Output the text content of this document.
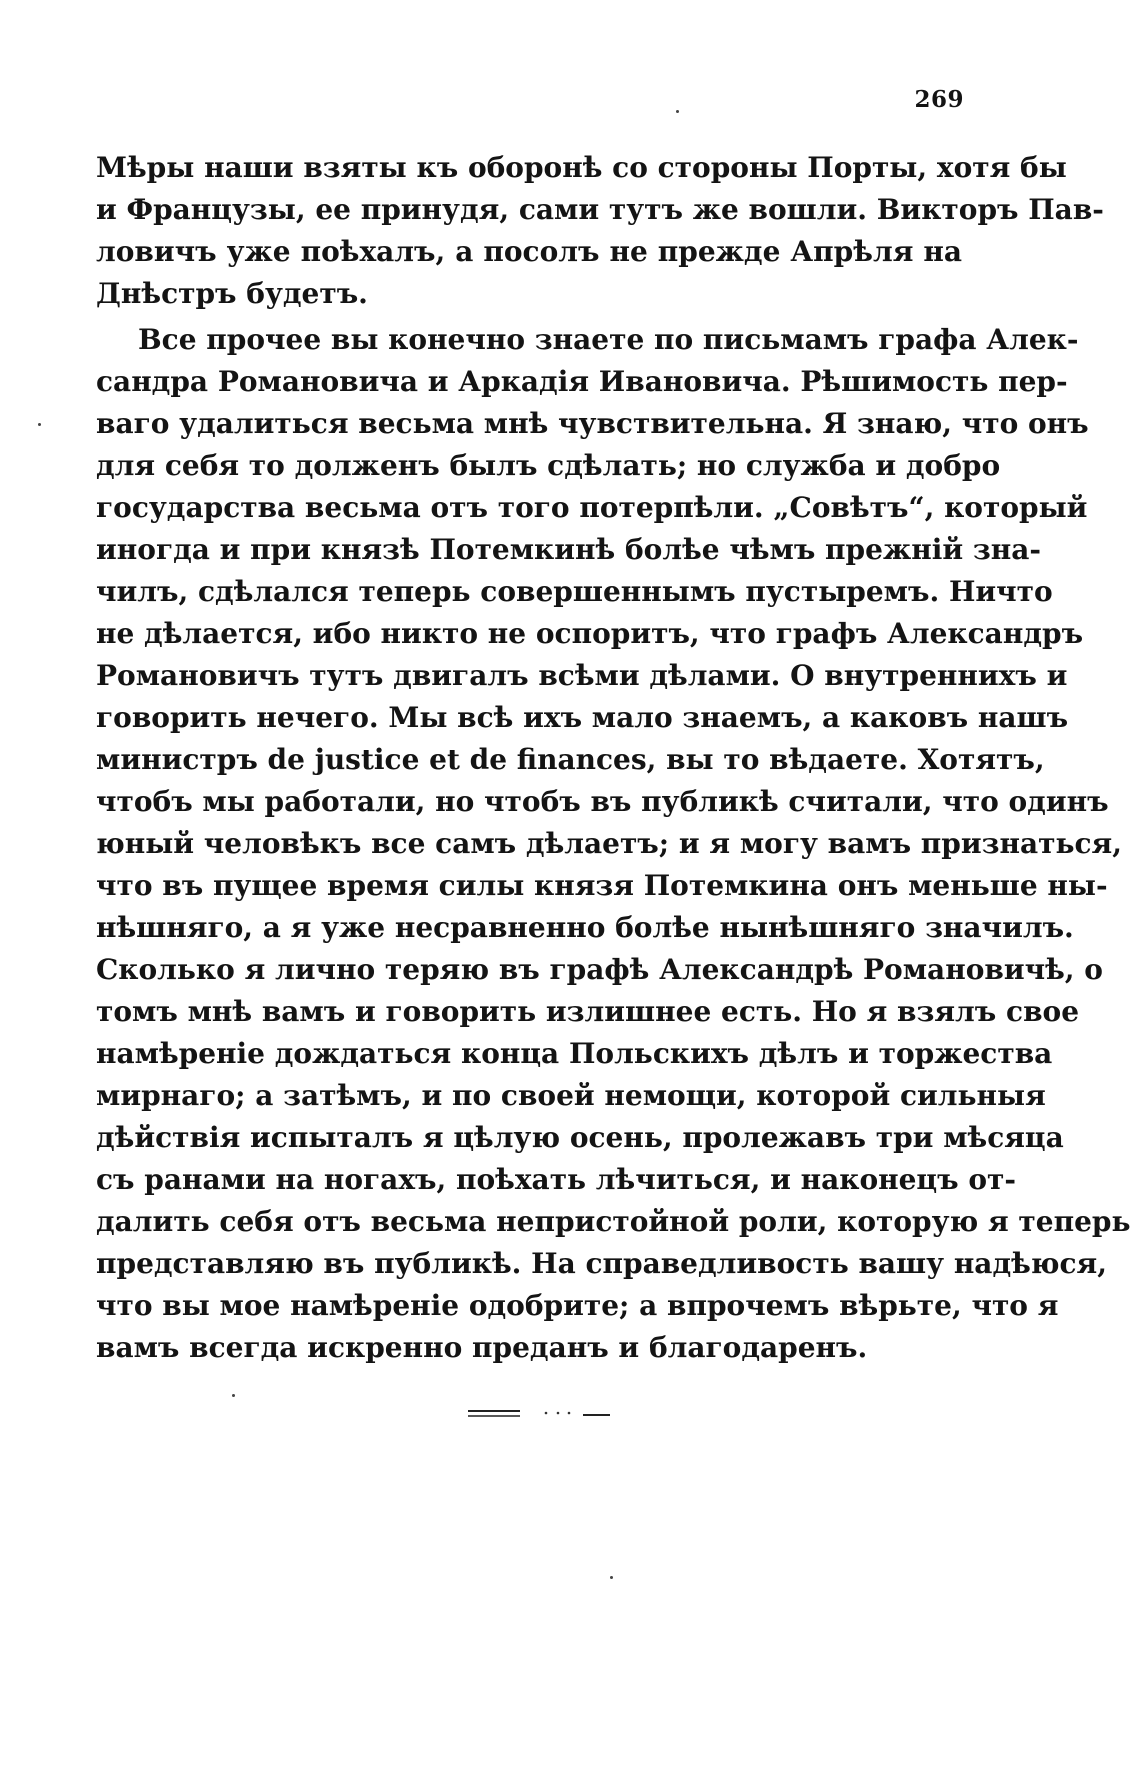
269
Мѣры наши взяты къ оборонѣ со стороны Порты, хотя бы
и Французы, ее принудя, сами тутъ же вошли. Викторъ Пав-
ловичъ уже поѣхалъ, а посолъ не прежде Апрѣля на
Днѣстръ будетъ.
Все прочее вы конечно знаете по письмамъ графа Алек-
сандра Романовича и Аркадія Ивановича. Рѣшимость пер-
ваго удалиться весьма мнѣ чувствительна. Я знаю, что онъ
для себя то долженъ былъ сдѣлать; но служба и добро
государства весьма отъ того потерпѣли. „Совѣтъ“, который
иногда и при князѣ Потемкинѣ болѣе чѣмъ прежній зна-
чилъ, сдѣлался теперь совершеннымъ пустыремъ. Ничто
не дѣлается, ибо никто не оспоритъ, что графъ Александръ
Романовичъ тутъ двигалъ всѣми дѣлами. О внутреннихъ и
говорить нечего. Мы всѣ ихъ мало знаемъ, а каковъ нашъ
министръ de justice et de finances, вы то вѣдаете. Хотятъ,
чтобъ мы работали, но чтобъ въ публикѣ считали, что одинъ
юный человѣкъ все самъ дѣлаетъ; и я могу вамъ признаться,
что въ пущее время силы князя Потемкина онъ меньше ны-
нѣшняго, а я уже несравненно болѣе нынѣшняго значилъ.
Сколько я лично теряю въ графѣ Александрѣ Романовичѣ, о
томъ мнѣ вамъ и говорить излишнее есть. Но я взялъ свое
намѣреніе дождаться конца Польскихъ дѣлъ и торжества
мирнаго; а затѣмъ, и по своей немощи, которой сильныя
дѣйствія испыталъ я цѣлую осень, пролежавъ три мѣсяца
съ ранами на ногахъ, поѣхать лѣчиться, и наконецъ от-
далить себя отъ весьма непристойной роли, которую я теперь
представляю въ публикѣ. На справедливость вашу надѣюся,
что вы мое намѣреніе одобрите; а впрочемъ вѣрьте, что я
вамъ всегда искренно преданъ и благодаренъ.
